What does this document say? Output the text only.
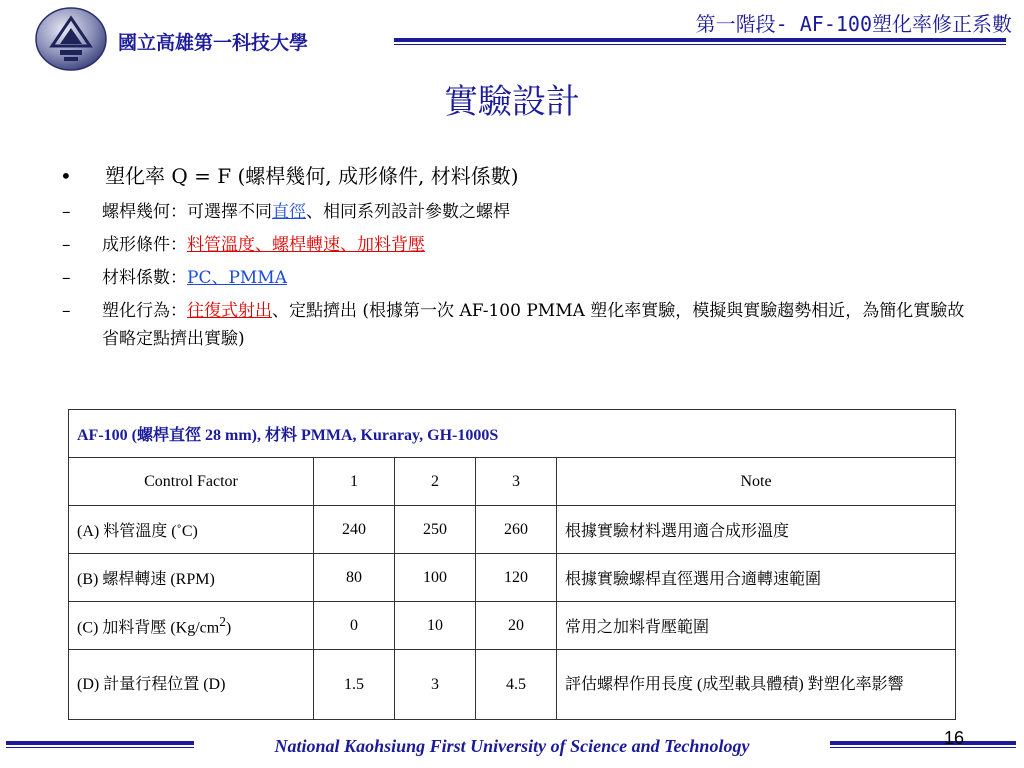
國立高雄第一科技大學
第一階段- AF-100塑化率修正系數
實驗設計
•	塑化率 Q = F (螺桿幾何, 成形條件, 材料係數)
–	螺桿幾何：可選擇不同直徑、相同系列設計參數之螺桿
–	成形條件：料管溫度、螺桿轉速、加料背壓
–	材料係數：PC、PMMA
–	塑化行為：往復式射出、定點擠出 (根據第一次 AF-100 PMMA 塑化率實驗，模擬與實驗趨勢相近，為簡化實驗故省略定點擠出實驗)
AF-100 (螺桿直徑 28 mm), 材料 PMMA, Kuraray, GH-1000S				
Control Factor	1	2	3	Note
(A) 料管溫度 (˚C)	240	250	260	根據實驗材料選用適合成形溫度
(B) 螺桿轉速 (RPM)	80	100	120	根據實驗螺桿直徑選用合適轉速範圍
(C) 加料背壓 $(Kg/cm^2)$	0	10	20	常用之加料背壓範圍
(D) 計量行程位置 (D)	1.5	3	4.5	評估螺桿作用長度 (成型載具體積) 對塑化率影響
National Kaohsiung First University of Science and Technology	16
